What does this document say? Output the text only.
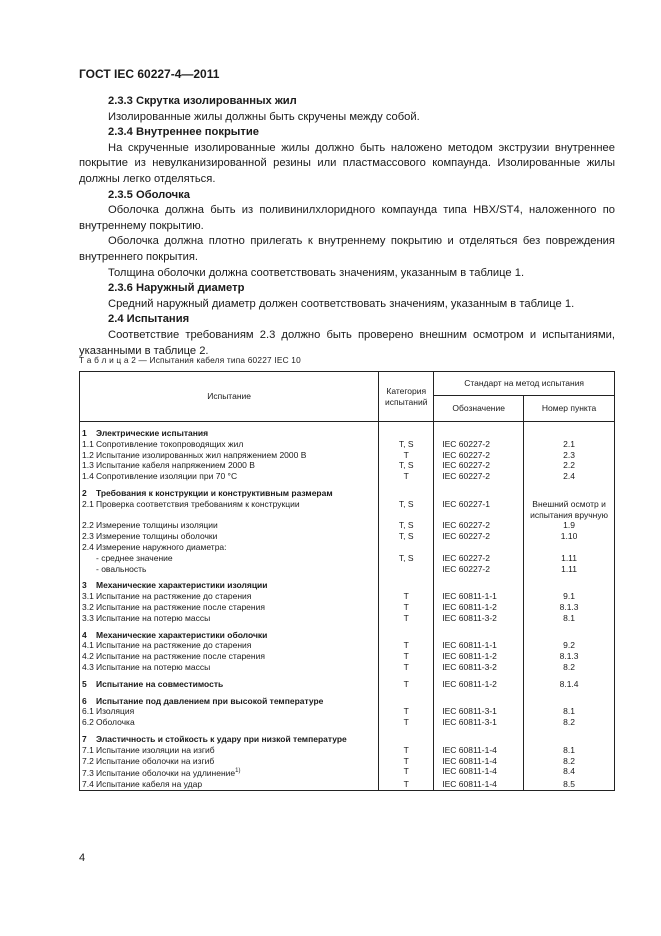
ГОСТ IEC 60227-4—2011

2.3.3 Скрутка изолированных жил

Изолированные жилы должны быть скручены между собой.

2.3.4 Внутреннее покрытие

На скрученные изолированные жилы должно быть наложено методом экструзии внутреннее покрытие из невулканизированной резины или пластмассового компаунда. Изолированные жилы должны легко отделяться.

2.3.5 Оболочка

Оболочка должна быть из поливинилхлоридного компаунда типа HBX/ST4, наложенного по внутреннему покрытию.

Оболочка должна плотно прилегать к внутреннему покрытию и отделяться без повреждения внутреннего покрытия.

Толщина оболочки должна соответствовать значениям, указанным в таблице 1.

2.3.6 Наружный диаметр

Средний наружный диаметр должен соответствовать значениям, указанным в таблице 1.

2.4 Испытания

Соответствие требованиям 2.3 должно быть проверено внешним осмотром и испытаниями, указанными в таблице 2.

Т а б л и ц а 2 — Испытания кабеля типа 60227 IEC 10
Испытание	Категория испытаний	Стандарт на метод испытания	
		Обозначение	Номер пункта
1 Электрические испытания			
1.1 Сопротивление токопроводящих жил	T, S	IEC 60227-2	2.1
1.2 Испытание изолированных жил напряжением 2000 В	T	IEC 60227-2	2.3
1.3 Испытание кабеля напряжением 2000 В	T, S	IEC 60227-2	2.2
1.4 Сопротивление изоляции при 70 °С	T	IEC 60227-2	2.4
2 Требования к конструкции и конструктивным размерам			
2.1 Проверка соответствия требованиям к конструкции	T, S	IEC 60227-1	Внешний осмотр и испытания вручную
2.2 Измерение толщины изоляции	T, S	IEC 60227-2	1.9
2.3 Измерение толщины оболочки	T, S	IEC 60227-2	1.10
2.4 Измерение наружного диаметра:			
- среднее значение	T, S	IEC 60227-2	1.11
- овальность		IEC 60227-2	1.11
3 Механические характеристики изоляции			
3.1 Испытание на растяжение до старения	T	IEC 60811-1-1	9.1
3.2 Испытание на растяжение после старения	T	IEC 60811-1-2	8.1.3
3.3 Испытание на потерю массы	T	IEC 60811-3-2	8.1
4 Механические характеристики оболочки			
4.1 Испытание на растяжение до старения	T	IEC 60811-1-1	9.2
4.2 Испытание на растяжение после старения	T	IEC 60811-1-2	8.1.3
4.3 Испытание на потерю массы	T	IEC 60811-3-2	8.2
5 Испытание на совместимость	T	IEC 60811-1-2	8.1.4
6 Испытание под давлением при высокой температуре			
6.1 Изоляция	T	IEC 60811-3-1	8.1
6.2 Оболочка	T	IEC 60811-3-1	8.2
7 Эластичность и стойкость к удару при низкой температуре			
7.1 Испытание изоляции на изгиб	T	IEC 60811-1-4	8.1
7.2 Испытание оболочки на изгиб	T	IEC 60811-1-4	8.2
7.3 Испытание оболочки на удлинение$^{1)}$	T	IEC 60811-1-4	8.4
7.4 Испытание кабеля на удар	T	IEC 60811-1-4	8.5
4
